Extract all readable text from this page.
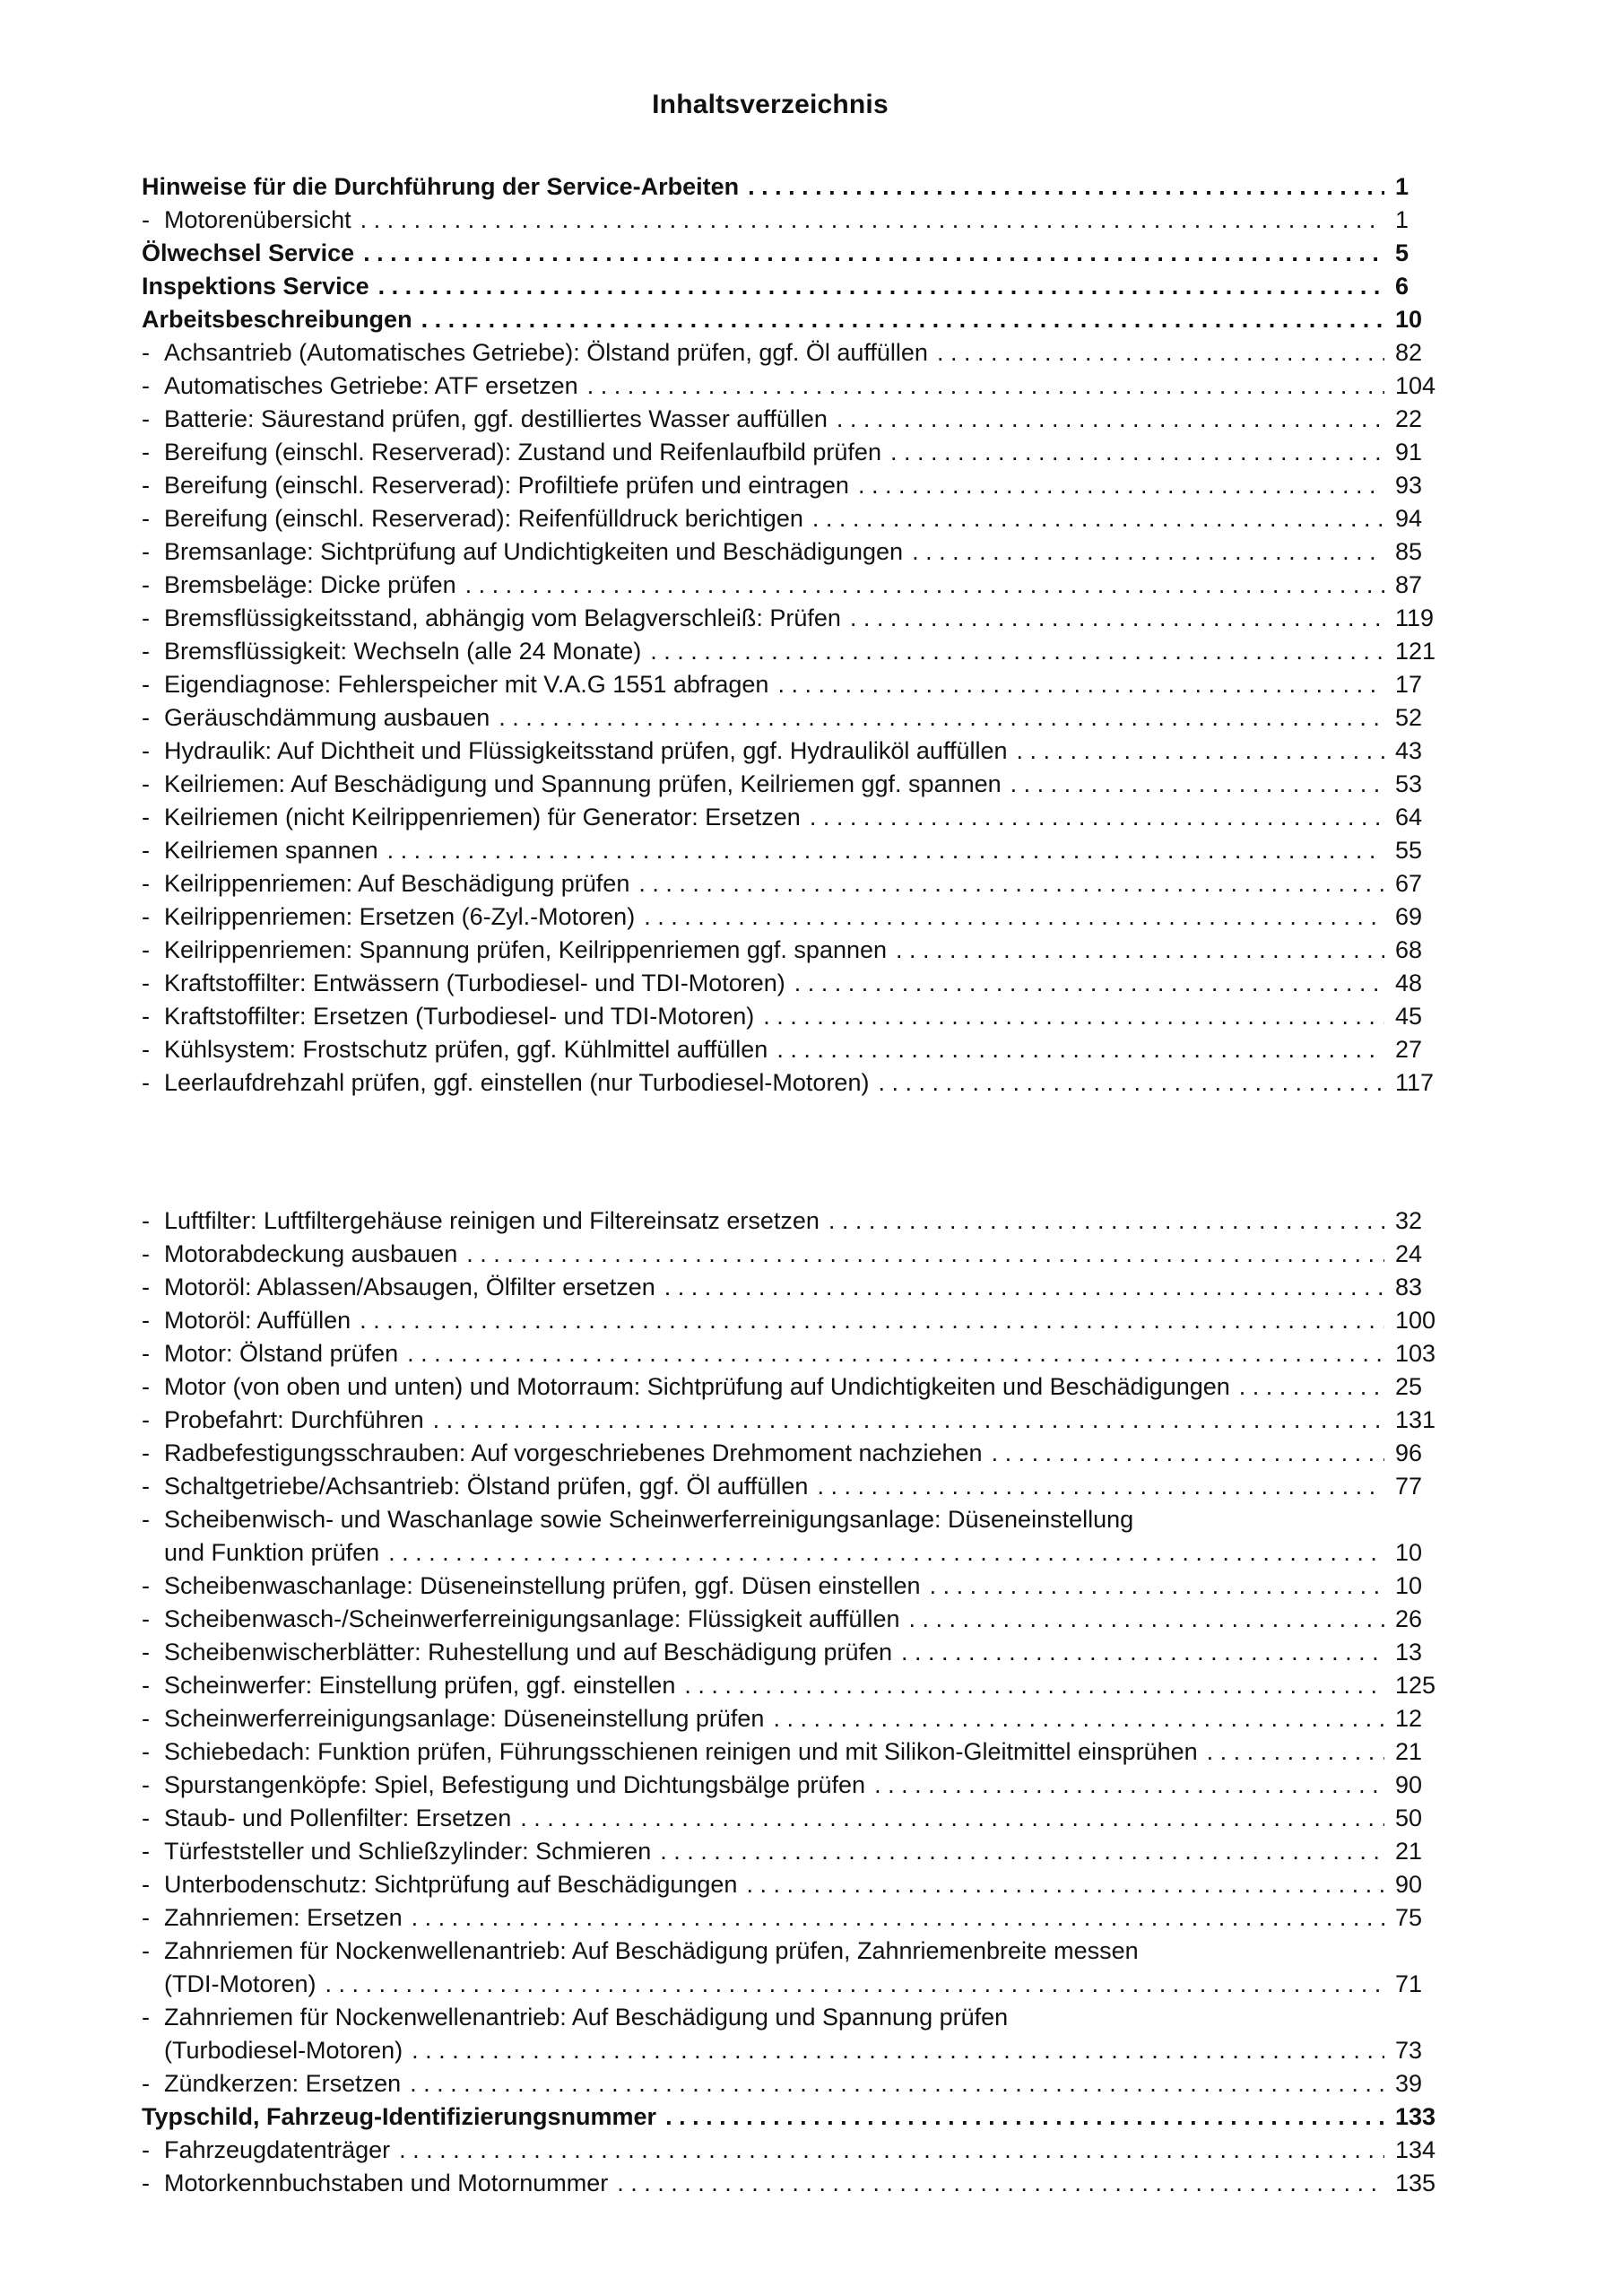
Inhaltsverzeichnis
Hinweise für die Durchführung der Service-Arbeiten . . .	1
- Motorenübersicht . . .	1
Ölwechsel Service . . .	5
Inspektions Service . . .	6
Arbeitsbeschreibungen . . .	10
- Achsantrieb (Automatisches Getriebe): Ölstand prüfen, ggf. Öl auffüllen . . .	82
- Automatisches Getriebe: ATF ersetzen . . .	104
- Batterie: Säurestand prüfen, ggf. destilliertes Wasser auffüllen . . .	22
- Bereifung (einschl. Reserverad): Zustand und Reifenlaufbild prüfen . . .	91
- Bereifung (einschl. Reserverad): Profiltiefe prüfen und eintragen . . .	93
- Bereifung (einschl. Reserverad): Reifenfülldruck berichtigen . . .	94
- Bremsanlage: Sichtprüfung auf Undichtigkeiten und Beschädigungen . . .	85
- Bremsbeläge: Dicke prüfen . . .	87
- Bremsflüssigkeitsstand, abhängig vom Belagverschleiß: Prüfen . . .	119
- Bremsflüssigkeit: Wechseln (alle 24 Monate) . . .	121
- Eigendiagnose: Fehlerspeicher mit V.A.G 1551 abfragen . . .	17
- Geräuschdämmung ausbauen . . .	52
- Hydraulik: Auf Dichtheit und Flüssigkeitsstand prüfen, ggf. Hydrauliköl auffüllen . . .	43
- Keilriemen: Auf Beschädigung und Spannung prüfen, Keilriemen ggf. spannen . . .	53
- Keilriemen (nicht Keilrippenriemen) für Generator: Ersetzen . . .	64
- Keilriemen spannen . . .	55
- Keilrippenriemen: Auf Beschädigung prüfen . . .	67
- Keilrippenriemen: Ersetzen (6-Zyl.-Motoren) . . .	69
- Keilrippenriemen: Spannung prüfen, Keilrippenriemen ggf. spannen . . .	68
- Kraftstoffilter: Entwässern (Turbodiesel- und TDI-Motoren) . . .	48
- Kraftstoffilter: Ersetzen (Turbodiesel- und TDI-Motoren) . . .	45
- Kühlsystem: Frostschutz prüfen, ggf. Kühlmittel auffüllen . . .	27
- Leerlaufdrehzahl prüfen, ggf. einstellen (nur Turbodiesel-Motoren) . . .	117
- Luftfilter: Luftfiltergehäuse reinigen und Filtereinsatz ersetzen . . .	32
- Motorabdeckung ausbauen . . .	24
- Motoröl: Ablassen/Absaugen, Ölfilter ersetzen . . .	83
- Motoröl: Auffüllen . . .	100
- Motor: Ölstand prüfen . . .	103
- Motor (von oben und unten) und Motorraum: Sichtprüfung auf Undichtigkeiten und Beschädigungen . . .	25
- Probefahrt: Durchführen . . .	131
- Radbefestigungsschrauben: Auf vorgeschriebenes Drehmoment nachziehen . . .	96
- Schaltgetriebe/Achsantrieb: Ölstand prüfen, ggf. Öl auffüllen . . .	77
- Scheibenwisch- und Waschanlage sowie Scheinwerferreinigungsanlage: Düseneinstellung
und Funktion prüfen . . .	10
- Scheibenwaschanlage: Düseneinstellung prüfen, ggf. Düsen einstellen . . .	10
- Scheibenwasch-/Scheinwerferreinigungsanlage: Flüssigkeit auffüllen . . .	26
- Scheibenwischerblätter: Ruhestellung und auf Beschädigung prüfen . . .	13
- Scheinwerfer: Einstellung prüfen, ggf. einstellen . . .	125
- Scheinwerferreinigungsanlage: Düseneinstellung prüfen . . .	12
- Schiebedach: Funktion prüfen, Führungsschienen reinigen und mit Silikon-Gleitmittel einsprühen . . .	21
- Spurstangenköpfe: Spiel, Befestigung und Dichtungsbälge prüfen . . .	90
- Staub- und Pollenfilter: Ersetzen . . .	50
- Türfeststeller und Schließzylinder: Schmieren . . .	21
- Unterbodenschutz: Sichtprüfung auf Beschädigungen . . .	90
- Zahnriemen: Ersetzen . . .	75
- Zahnriemen für Nockenwellenantrieb: Auf Beschädigung prüfen, Zahnriemenbreite messen
(TDI-Motoren) . . .	71
- Zahnriemen für Nockenwellenantrieb: Auf Beschädigung und Spannung prüfen
(Turbodiesel-Motoren) . . .	73
- Zündkerzen: Ersetzen . . .	39
Typschild, Fahrzeug-Identifizierungsnummer . . .	133
- Fahrzeugdatenträger . . .	134
- Motorkennbuchstaben und Motornummer . . .	135
